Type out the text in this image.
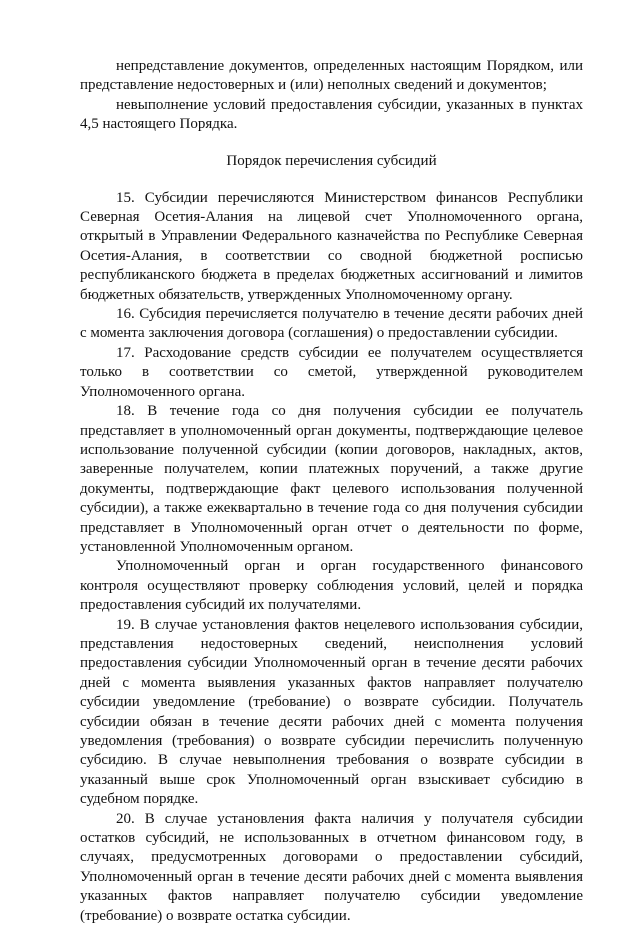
непредставление документов, определенных настоящим Порядком, или представление недостоверных и (или) неполных сведений и документов;

невыполнение условий предоставления субсидии, указанных в пунктах 4,5 настоящего Порядка.

Порядок перечисления субсидий

15. Субсидии перечисляются Министерством финансов Республики Северная Осетия-Алания на лицевой счет Уполномоченного органа, открытый в Управлении Федерального казначейства по Республике Северная Осетия-Алания, в соответствии со сводной бюджетной росписью республиканского бюджета в пределах бюджетных ассигнований и лимитов бюджетных обязательств, утвержденных Уполномоченному органу.

16. Субсидия перечисляется получателю в течение десяти рабочих дней с момента заключения договора (соглашения) о предоставлении субсидии.

17. Расходование средств субсидии ее получателем осуществляется только в соответствии со сметой, утвержденной руководителем Уполномоченного органа.

18. В течение года со дня получения субсидии ее получатель представляет в уполномоченный орган документы, подтверждающие целевое использование полученной субсидии (копии договоров, накладных, актов, заверенные получателем, копии платежных поручений, а также другие документы, подтверждающие факт целевого использования полученной субсидии), а также ежеквартально в течение года со дня получения субсидии представляет в Уполномоченный орган отчет о деятельности по форме, установленной Уполномоченным органом.

Уполномоченный орган и орган государственного финансового контроля осуществляют проверку соблюдения условий, целей и порядка предоставления субсидий их получателями.

19. В случае установления фактов нецелевого использования субсидии, представления недостоверных сведений, неисполнения условий предоставления субсидии Уполномоченный орган в течение десяти рабочих дней с момента выявления указанных фактов направляет получателю субсидии уведомление (требование) о возврате субсидии. Получатель субсидии обязан в течение десяти рабочих дней с момента получения уведомления (требования) о возврате субсидии перечислить полученную субсидию. В случае невыполнения требования о возврате субсидии в указанный выше срок Уполномоченный орган взыскивает субсидию в судебном порядке.

20. В случае установления факта наличия у получателя субсидии остатков субсидий, не использованных в отчетном финансовом году, в случаях, предусмотренных договорами о предоставлении субсидий, Уполномоченный орган в течение десяти рабочих дней с момента выявления указанных фактов направляет получателю субсидии уведомление (требование) о возврате остатка субсидии.
